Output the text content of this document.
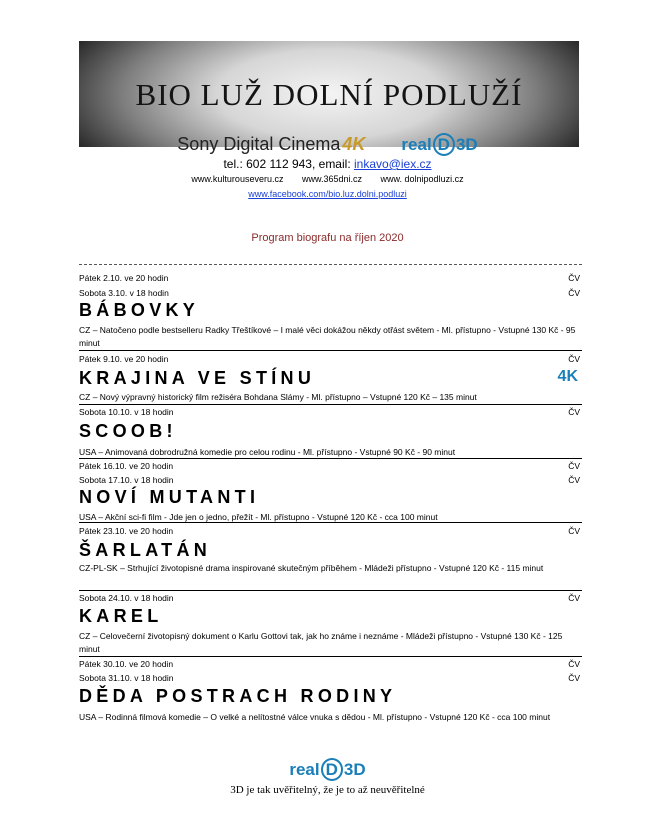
BIO LUŽ DOLNÍ PODLUŽÍ
Sony Digital Cinema 4K real D 3D
tel.: 602 112 943, email: inkavo@iex.cz
www.kulturouseveru.cz www.365dni.cz www. dolnipodluzi.cz
www.facebook.com/bio.luz.dolni.podluzi
Program biografu na říjen 2020
Pátek 2.10. ve 20 hodin	ČV
Sobota 3.10. v 18 hodin	ČV
BÁBOVKY
CZ – Natočeno podle bestselleru Radky Třeštíkové – I malé věci dokážou někdy otřást světem - Ml. přístupno - Vstupné 130 Kč - 95 minut
Pátek 9.10. ve 20 hodin	ČV
KRAJINA VE STÍNU	4K
CZ – Nový výpravný historický film režiséra Bohdana Slámy - Ml. přístupno – Vstupné 120 Kč – 135 minut
Sobota 10.10. v 18 hodin	ČV
SCOOB!
USA – Animovaná dobrodružná komedie pro celou rodinu - Ml. přístupno - Vstupné 90 Kč - 90 minut
Pátek 16.10. ve 20 hodin	ČV
Sobota 17.10. v 18 hodin	ČV
NOVÍ MUTANTI
USA – Akční sci-fi film - Jde jen o jedno, přežít - Ml. přístupno - Vstupné 120 Kč - cca 100 minut
Pátek 23.10. ve 20 hodin	ČV
ŠARLATÁN
CZ-PL-SK – Strhující životopisné drama inspirované skutečným příběhem - Mládeži přístupno - Vstupné 120 Kč - 115 minut
Sobota 24.10. v 18 hodin	ČV
KAREL
CZ – Celovečerní životopisný dokument o Karlu Gottovi tak, jak ho známe i neznáme - Mládeži přístupno - Vstupné 130 Kč - 125 minut
Pátek 30.10. ve 20 hodin	ČV
Sobota 31.10. v 18 hodin	ČV
DĚDA POSTRACH RODINY
USA – Rodinná filmová komedie – O velké a nelítostné válce vnuka s dědou - Ml. přístupno - Vstupné 120 Kč - cca 100 minut
real D 3D
3D je tak uvěřitelný, že je to až neuvěřitelné
